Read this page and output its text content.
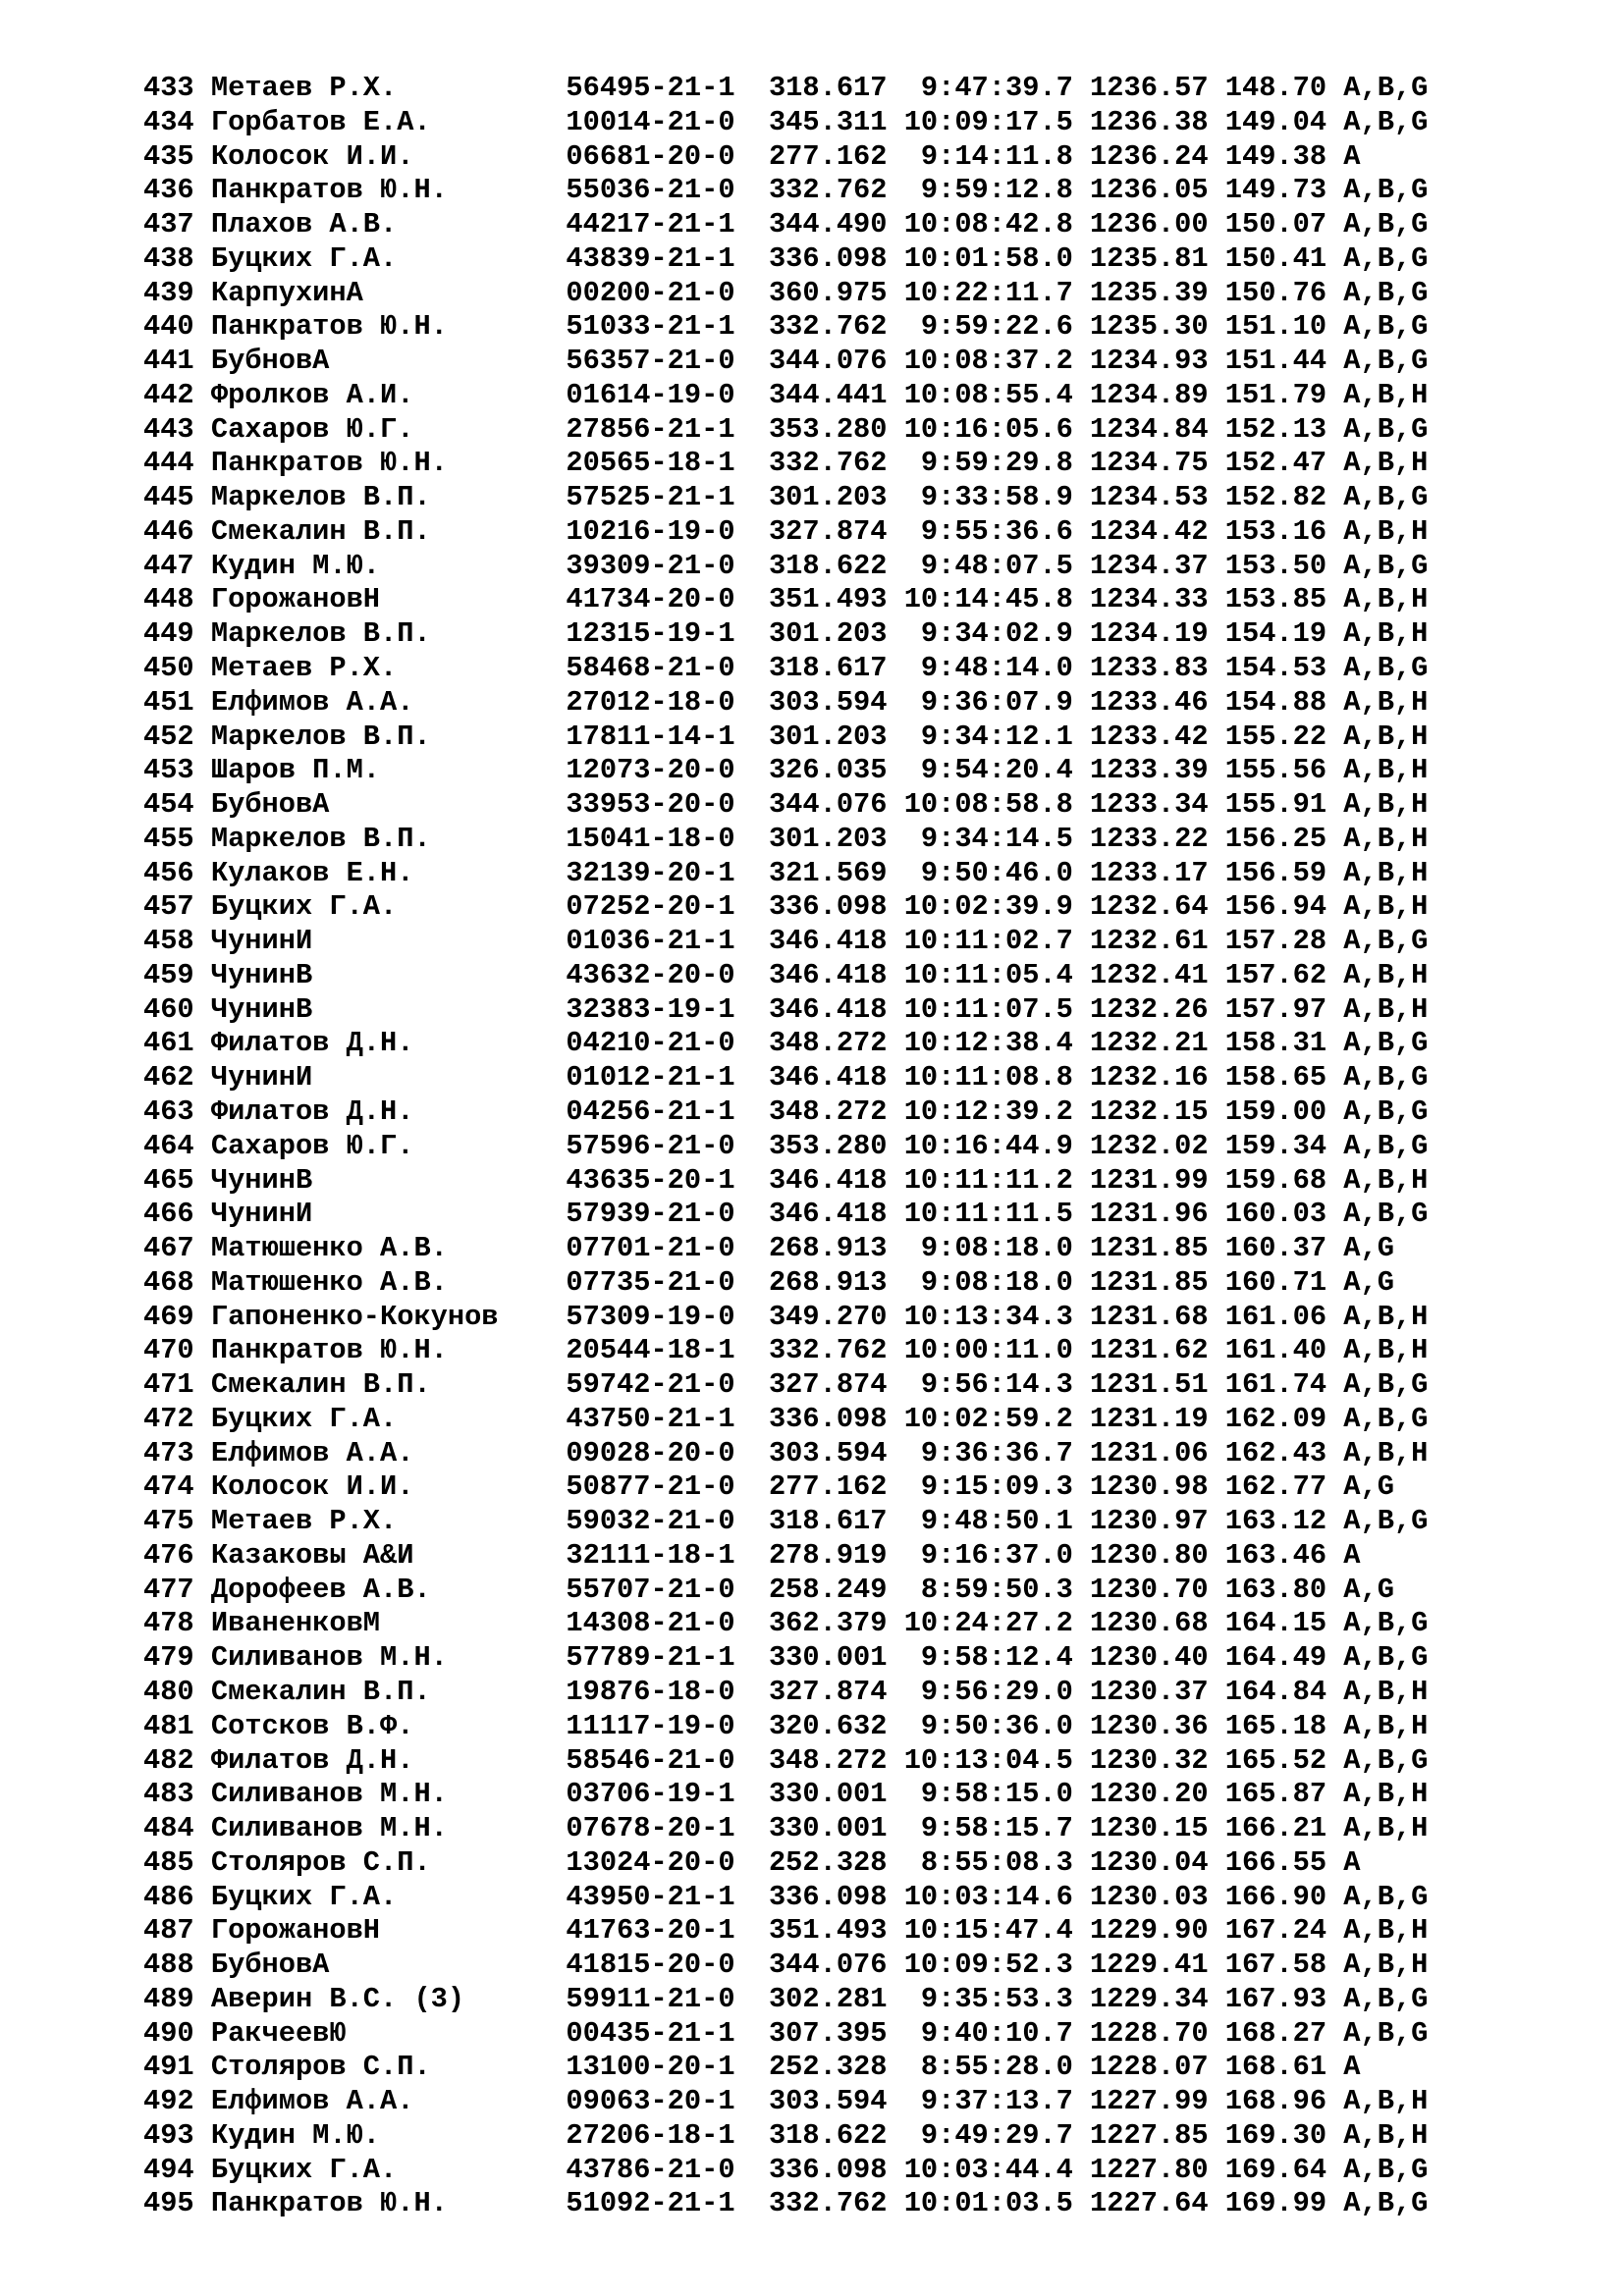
433 Метаев Р.Х.          56495-21-1  318.617  9:47:39.7 1236.57 148.70 A,B,G
434 Горбатов Е.А.        10014-21-0  345.311 10:09:17.5 1236.38 149.04 A,B,G
435 Колосок И.И.         06681-20-0  277.162  9:14:11.8 1236.24 149.38 A
436 Панкратов Ю.Н.       55036-21-0  332.762  9:59:12.8 1236.05 149.73 A,B,G
437 Плахов А.В.          44217-21-1  344.490 10:08:42.8 1236.00 150.07 A,B,G
438 Буцких Г.А.          43839-21-1  336.098 10:01:58.0 1235.81 150.41 A,B,G
439 КарпухинА            00200-21-0  360.975 10:22:11.7 1235.39 150.76 A,B,G
440 Панкратов Ю.Н.       51033-21-1  332.762  9:59:22.6 1235.30 151.10 A,B,G
441 БубновА              56357-21-0  344.076 10:08:37.2 1234.93 151.44 A,B,G
442 Фролков А.И.         01614-19-0  344.441 10:08:55.4 1234.89 151.79 A,B,H
443 Сахаров Ю.Г.         27856-21-1  353.280 10:16:05.6 1234.84 152.13 A,B,G
444 Панкратов Ю.Н.       20565-18-1  332.762  9:59:29.8 1234.75 152.47 A,B,H
445 Маркелов В.П.        57525-21-1  301.203  9:33:58.9 1234.53 152.82 A,B,G
446 Смекалин В.П.        10216-19-0  327.874  9:55:36.6 1234.42 153.16 A,B,H
447 Кудин М.Ю.           39309-21-0  318.622  9:48:07.5 1234.37 153.50 A,B,G
448 ГорожановН           41734-20-0  351.493 10:14:45.8 1234.33 153.85 A,B,H
449 Маркелов В.П.        12315-19-1  301.203  9:34:02.9 1234.19 154.19 A,B,H
450 Метаев Р.Х.          58468-21-0  318.617  9:48:14.0 1233.83 154.53 A,B,G
451 Елфимов А.А.         27012-18-0  303.594  9:36:07.9 1233.46 154.88 A,B,H
452 Маркелов В.П.        17811-14-1  301.203  9:34:12.1 1233.42 155.22 A,B,H
453 Шаров П.М.           12073-20-0  326.035  9:54:20.4 1233.39 155.56 A,B,H
454 БубновА              33953-20-0  344.076 10:08:58.8 1233.34 155.91 A,B,H
455 Маркелов В.П.        15041-18-0  301.203  9:34:14.5 1233.22 156.25 A,B,H
456 Кулаков Е.Н.         32139-20-1  321.569  9:50:46.0 1233.17 156.59 A,B,H
457 Буцких Г.А.          07252-20-1  336.098 10:02:39.9 1232.64 156.94 A,B,H
458 ЧунинИ               01036-21-1  346.418 10:11:02.7 1232.61 157.28 A,B,G
459 ЧунинВ               43632-20-0  346.418 10:11:05.4 1232.41 157.62 A,B,H
460 ЧунинВ               32383-19-1  346.418 10:11:07.5 1232.26 157.97 A,B,H
461 Филатов Д.Н.         04210-21-0  348.272 10:12:38.4 1232.21 158.31 A,B,G
462 ЧунинИ               01012-21-1  346.418 10:11:08.8 1232.16 158.65 A,B,G
463 Филатов Д.Н.         04256-21-1  348.272 10:12:39.2 1232.15 159.00 A,B,G
464 Сахаров Ю.Г.         57596-21-0  353.280 10:16:44.9 1232.02 159.34 A,B,G
465 ЧунинВ               43635-20-1  346.418 10:11:11.2 1231.99 159.68 A,B,H
466 ЧунинИ               57939-21-0  346.418 10:11:11.5 1231.96 160.03 A,B,G
467 Матюшенко А.В.       07701-21-0  268.913  9:08:18.0 1231.85 160.37 A,G
468 Матюшенко А.В.       07735-21-0  268.913  9:08:18.0 1231.85 160.71 A,G
469 Гапоненко-Кокунов    57309-19-0  349.270 10:13:34.3 1231.68 161.06 A,B,H
470 Панкратов Ю.Н.       20544-18-1  332.762 10:00:11.0 1231.62 161.40 A,B,H
471 Смекалин В.П.        59742-21-0  327.874  9:56:14.3 1231.51 161.74 A,B,G
472 Буцких Г.А.          43750-21-1  336.098 10:02:59.2 1231.19 162.09 A,B,G
473 Елфимов А.А.         09028-20-0  303.594  9:36:36.7 1231.06 162.43 A,B,H
474 Колосок И.И.         50877-21-0  277.162  9:15:09.3 1230.98 162.77 A,G
475 Метаев Р.Х.          59032-21-0  318.617  9:48:50.1 1230.97 163.12 A,B,G
476 Казаковы А&И         32111-18-1  278.919  9:16:37.0 1230.80 163.46 A
477 Дорофеев А.В.        55707-21-0  258.249  8:59:50.3 1230.70 163.80 A,G
478 ИваненковМ           14308-21-0  362.379 10:24:27.2 1230.68 164.15 A,B,G
479 Силиванов М.Н.       57789-21-1  330.001  9:58:12.4 1230.40 164.49 A,B,G
480 Смекалин В.П.        19876-18-0  327.874  9:56:29.0 1230.37 164.84 A,B,H
481 Сотсков В.Ф.         11117-19-0  320.632  9:50:36.0 1230.36 165.18 A,B,H
482 Филатов Д.Н.         58546-21-0  348.272 10:13:04.5 1230.32 165.52 A,B,G
483 Силиванов М.Н.       03706-19-1  330.001  9:58:15.0 1230.20 165.87 A,B,H
484 Силиванов М.Н.       07678-20-1  330.001  9:58:15.7 1230.15 166.21 A,B,H
485 Столяров С.П.        13024-20-0  252.328  8:55:08.3 1230.04 166.55 A
486 Буцких Г.А.          43950-21-1  336.098 10:03:14.6 1230.03 166.90 A,B,G
487 ГорожановН           41763-20-1  351.493 10:15:47.4 1229.90 167.24 A,B,H
488 БубновА              41815-20-0  344.076 10:09:52.3 1229.41 167.58 A,B,H
489 Аверин В.С. (3)      59911-21-0  302.281  9:35:53.3 1229.34 167.93 A,B,G
490 РакчеевЮ             00435-21-1  307.395  9:40:10.7 1228.70 168.27 A,B,G
491 Столяров С.П.        13100-20-1  252.328  8:55:28.0 1228.07 168.61 A
492 Елфимов А.А.         09063-20-1  303.594  9:37:13.7 1227.99 168.96 A,B,H
493 Кудин М.Ю.           27206-18-1  318.622  9:49:29.7 1227.85 169.30 A,B,H
494 Буцких Г.А.          43786-21-0  336.098 10:03:44.4 1227.80 169.64 A,B,G
495 Панкратов Ю.Н.       51092-21-1  332.762 10:01:03.5 1227.64 169.99 A,B,G
